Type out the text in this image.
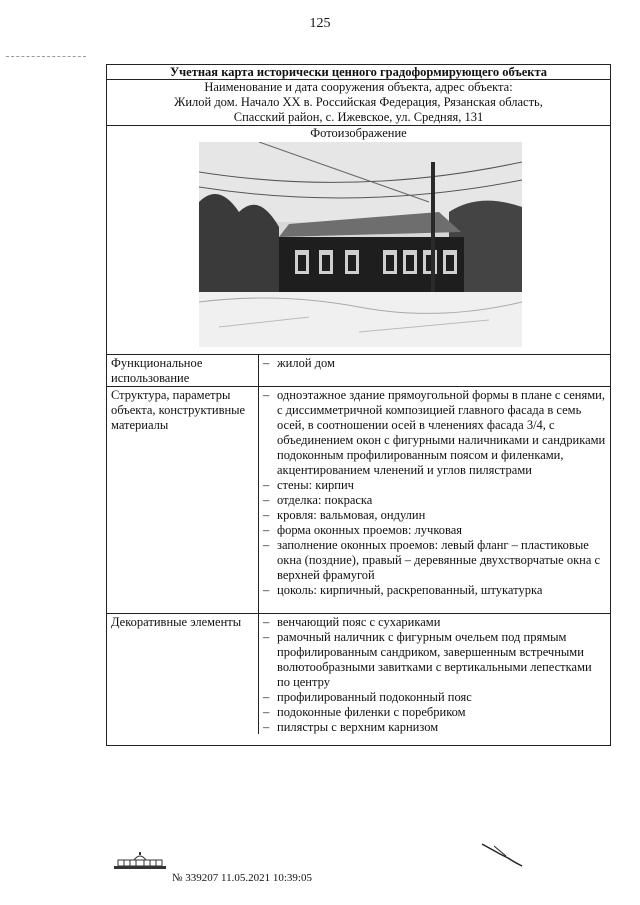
125
Учетная карта исторически ценного градоформирующего объекта
Наименование и дата сооружения объекта, адрес объекта:
Жилой дом. Начало XX в. Российская Федерация, Рязанская область,
Спасский район, с. Ижевское, ул. Средняя, 131
Фотоизображение
Функциональное использование
– жилой дом
Структура, параметры объекта, конструктивные материалы
– одноэтажное здание прямоугольной формы в плане с сенями, с диссимметричной композицией главного фасада в семь осей, в соотношении осей в членениях фасада 3/4, с объединением окон с фигурными наличниками и сандриками подоконным профилированным поясом и филенками, акцентированием членений и углов пилястрами
– стены: кирпич
– отделка: покраска
– кровля: вальмовая, ондулин
– форма оконных проемов: лучковая
– заполнение оконных проемов: левый фланг – пластиковые окна (поздние), правый – деревянные двухстворчатые окна с верхней фрамугой
– цоколь: кирпичный, раскрепованный, штукатурка
Декоративные элементы	– венчающий пояс с сухариками
– рамочный наличник с фигурным очельем под прямым профилированным сандриком, завершенным встречными волютообразными завитками с вертикальными лепестками по центру
– профилированный подоконный пояс
– подоконные филенки с поребриком
– пилястры с верхним карнизом
№ 339207 11.05.2021 10:39:05
